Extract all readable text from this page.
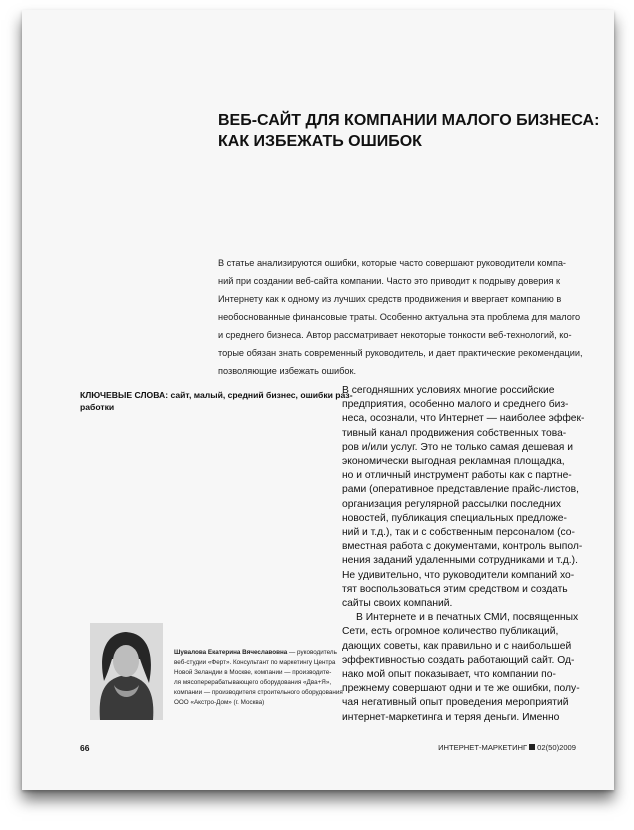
ВЕБ-САЙТ ДЛЯ КОМПАНИИ МАЛОГО БИЗНЕСА:
КАК ИЗБЕЖАТЬ ОШИБОК
В статье анализируются ошибки, которые часто совершают руководители компа-
ний при создании веб-сайта компании. Часто это приводит к подрыву доверия к
Интернету как к одному из лучших средств продвижения и ввергает компанию в
необоснованные финансовые траты. Особенно актуальна эта проблема для малого
и среднего бизнеса. Автор рассматривает некоторые тонкости веб-технологий, ко-
торые обязан знать современный руководитель, и дает практические рекомендации,
позволяющие избежать ошибок.
КЛЮЧЕВЫЕ СЛОВА: сайт, малый, средний бизнес, ошибки раз-
работки
В сегодняшних условиях многие российские
предприятия, особенно малого и среднего биз-
неса, осознали, что Интернет — наиболее эффек-
тивный канал продвижения собственных това-
ров и/или услуг. Это не только самая дешевая и
экономически выгодная рекламная площадка,
но и отличный инструмент работы как с партне-
рами (оперативное представление прайс-листов,
организация регулярной рассылки последних
новостей, публикация специальных предложе-
ний и т.д.), так и с собственным персоналом (со-
вместная работа с документами, контроль выпол-
нения заданий удаленными сотрудниками и т.д.).
Не удивительно, что руководители компаний хо-
тят воспользоваться этим средством и создать
сайты своих компаний.
В Интернете и в печатных СМИ, посвященных
Сети, есть огромное количество публикаций,
дающих советы, как правильно и с наибольшей
эффективностью создать работающий сайт. Од-
нако мой опыт показывает, что компании по-
прежнему совершают одни и те же ошибки, полу-
чая негативный опыт проведения мероприятий
интернет-маркетинга и теряя деньги. Именно
Шувалова Екатерина Вячеславовна — руководитель
веб-студии «Ферт». Консультант по маркетингу Центра
Новой Зеландии в Москве, компании — производите-
ля мясоперерабатывающего оборудования «Два+Я»,
компании — производителя строительного оборудования
ООО «Акстро-Дом» (г. Москва)
66	ИНТЕРНЕТ-МАРКЕТИНГ 02(50)2009
